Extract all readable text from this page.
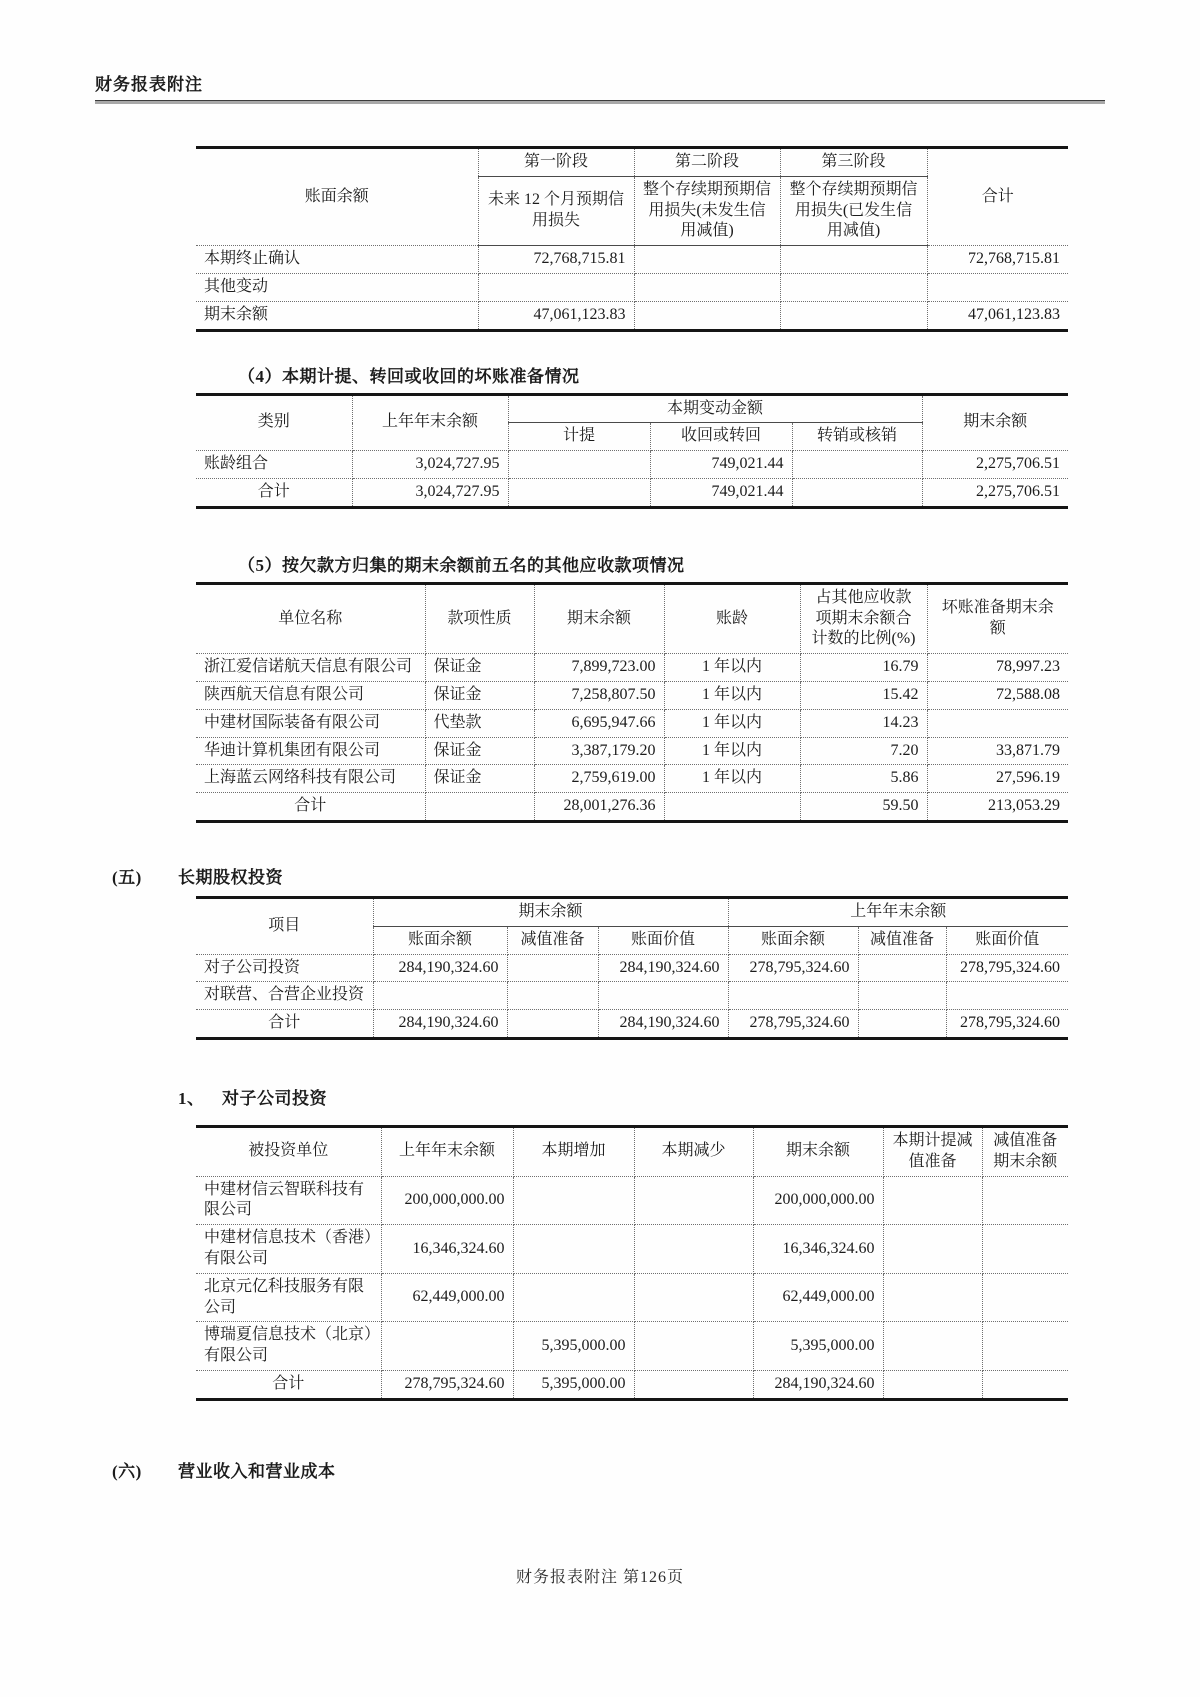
财务报表附注
账面余额	第一阶段	第二阶段	第三阶段	合计
	未来 12 个月预期信用损失	整个存续期预期信用损失(未发生信用减值)	整个存续期预期信用损失(已发生信用减值)	
本期终止确认	72,768,715.81			72,768,715.81
其他变动				
期末余额	47,061,123.83			47,061,123.83
（4）本期计提、转回或收回的坏账准备情况
类别	上年年末余额	本期变动金额			期末余额
		计提	收回或转回	转销或核销	
账龄组合	3,024,727.95		749,021.44		2,275,706.51
合计	3,024,727.95		749,021.44		2,275,706.51
（5）按欠款方归集的期末余额前五名的其他应收款项情况
单位名称	款项性质	期末余额	账龄	占其他应收款项期末余额合计数的比例(%)	坏账准备期末余额
浙江爱信诺航天信息有限公司	保证金	7,899,723.00	1 年以内	16.79	78,997.23
陕西航天信息有限公司	保证金	7,258,807.50	1 年以内	15.42	72,588.08
中建材国际装备有限公司	代垫款	6,695,947.66	1 年以内	14.23	
华迪计算机集团有限公司	保证金	3,387,179.20	1 年以内	7.20	33,871.79
上海蓝云网络科技有限公司	保证金	2,759,619.00	1 年以内	5.86	27,596.19
合计		28,001,276.36		59.50	213,053.29
(五)	长期股权投资
项目	期末余额			上年年末余额		
	账面余额	减值准备	账面价值	账面余额	减值准备	账面价值
对子公司投资	284,190,324.60		284,190,324.60	278,795,324.60		278,795,324.60
对联营、合营企业投资						
合计	284,190,324.60		284,190,324.60	278,795,324.60		278,795,324.60
1、	对子公司投资
被投资单位	上年年末余额	本期增加	本期减少	期末余额	本期计提减值准备	减值准备期末余额
中建材信云智联科技有限公司	200,000,000.00			200,000,000.00		
中建材信息技术（香港）有限公司	16,346,324.60			16,346,324.60		
北京元亿科技服务有限公司	62,449,000.00			62,449,000.00		
博瑞夏信息技术（北京）有限公司		5,395,000.00		5,395,000.00		
合计	278,795,324.60	5,395,000.00		284,190,324.60		
(六)	营业收入和营业成本
财务报表附注 第126页
